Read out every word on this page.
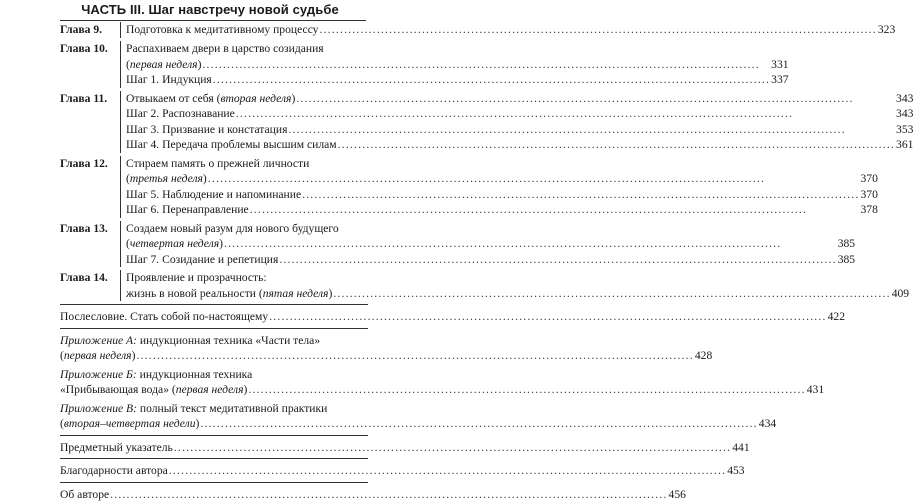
ЧАСТЬ III. Шаг навстречу новой судьбе
Глава 9.	Подготовка к медитативному процессу .....	323
Глава 10.	Распахиваем двери в царство созидания
(первая неделя) .....	331
Шаг 1. Индукция .....	337
Глава 11.	Отвыкаем от себя (вторая неделя) .....	343
Шаг 2. Распознавание .....	343
Шаг 3. Призвание и констатация .....	353
Шаг 4. Передача проблемы высшим силам .....	361
Глава 12.	Стираем память о прежней личности
(третья неделя) .....	370
Шаг 5. Наблюдение и напоминание .....	370
Шаг 6. Перенаправление .....	378
Глава 13.	Создаем новый разум для нового будущего
(четвертая неделя) .....	385
Шаг 7. Созидание и репетиция .....	385
Глава 14.	Проявление и прозрачность:
жизнь в новой реальности (пятая неделя) .....	409
Послесловие. Стать собой по-настоящему .....	422
Приложение А: индукционная техника «Части тела»
(первая неделя) .....	428
Приложение Б: индукционная техника
«Прибывающая вода» (первая неделя) .....	431
Приложение В: полный текст медитативной практики
(вторая–четвертая недели) .....	434
Предметный указатель .....	441
Благодарности автора .....	453
Об авторе .....	456
